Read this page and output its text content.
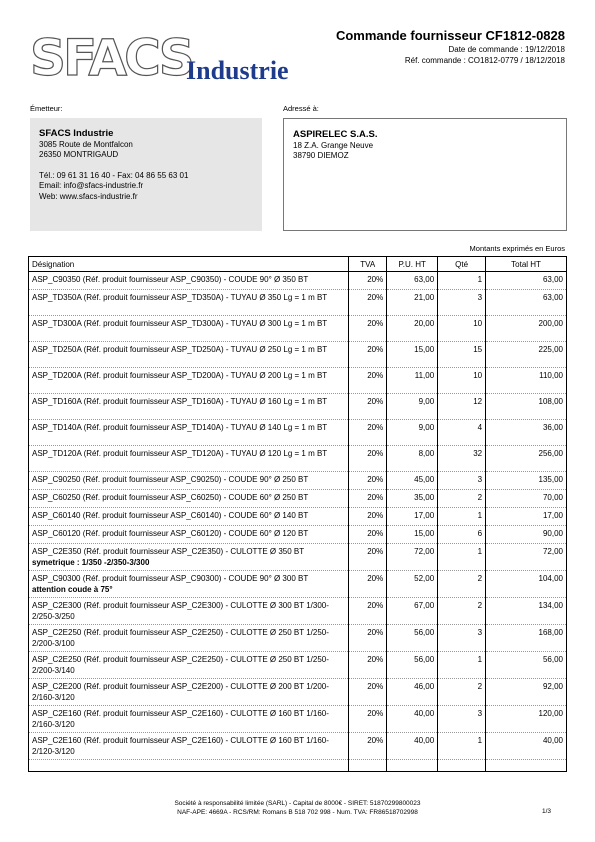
SFACS
Industrie
Commande fournisseur CF1812-0828
Date de commande : 19/12/2018
Réf. commande : CO1812-0779 / 18/12/2018
Émetteur:	Adressé à:
SFACS Industrie
3085 Route de Montfalcon
26350 MONTRIGAUD
Tél.: 09 61 31 16 40 - Fax: 04 86 55 63 01
Email: info@sfacs-industrie.fr
Web: www.sfacs-industrie.fr
ASPIRELEC S.A.S.
18 Z.A. Grange Neuve
38790 DIEMOZ
Montants exprimés en Euros
Désignation	TVA	P.U. HT	Qté	Total HT
ASP_C90350 (Réf. produit fournisseur ASP_C90350) - COUDE 90° Ø 350 BT	20%	63,00	1	63,00
ASP_TD350A (Réf. produit fournisseur ASP_TD350A) - TUYAU Ø 350 Lg = 1 m BT	20%	21,00	3	63,00
ASP_TD300A (Réf. produit fournisseur ASP_TD300A) - TUYAU Ø 300 Lg = 1 m BT	20%	20,00	10	200,00
ASP_TD250A (Réf. produit fournisseur ASP_TD250A) - TUYAU Ø 250 Lg = 1 m BT	20%	15,00	15	225,00
ASP_TD200A (Réf. produit fournisseur ASP_TD200A) - TUYAU Ø 200 Lg = 1 m BT	20%	11,00	10	110,00
ASP_TD160A (Réf. produit fournisseur ASP_TD160A) - TUYAU Ø 160 Lg = 1 m BT	20%	9,00	12	108,00
ASP_TD140A (Réf. produit fournisseur ASP_TD140A) - TUYAU Ø 140 Lg = 1 m BT	20%	9,00	4	36,00
ASP_TD120A (Réf. produit fournisseur ASP_TD120A) - TUYAU Ø 120 Lg = 1 m BT	20%	8,00	32	256,00
ASP_C90250 (Réf. produit fournisseur ASP_C90250) - COUDE 90° Ø 250 BT	20%	45,00	3	135,00
ASP_C60250 (Réf. produit fournisseur ASP_C60250) - COUDE 60° Ø 250 BT	20%	35,00	2	70,00
ASP_C60140 (Réf. produit fournisseur ASP_C60140) - COUDE 60° Ø 140 BT	20%	17,00	1	17,00
ASP_C60120 (Réf. produit fournisseur ASP_C60120) - COUDE 60° Ø 120 BT	20%	15,00	6	90,00
ASP_C2E350 (Réf. produit fournisseur ASP_C2E350) - CULOTTE Ø 350 BT
symetrique : 1/350 -2/350-3/300	20%	72,00	1	72,00
ASP_C90300 (Réf. produit fournisseur ASP_C90300) - COUDE 90° Ø 300 BT
attention coude à 75°	20%	52,00	2	104,00
ASP_C2E300 (Réf. produit fournisseur ASP_C2E300) - CULOTTE Ø 300 BT 1/300-2/250-3/250	20%	67,00	2	134,00
ASP_C2E250 (Réf. produit fournisseur ASP_C2E250) - CULOTTE Ø 250 BT 1/250-2/200-3/100	20%	56,00	3	168,00
ASP_C2E250 (Réf. produit fournisseur ASP_C2E250) - CULOTTE Ø 250 BT 1/250-2/200-3/140	20%	56,00	1	56,00
ASP_C2E200 (Réf. produit fournisseur ASP_C2E200) - CULOTTE Ø 200 BT 1/200-2/160-3/120	20%	46,00	2	92,00
ASP_C2E160 (Réf. produit fournisseur ASP_C2E160) - CULOTTE Ø 160 BT 1/160-2/160-3/120	20%	40,00	3	120,00
ASP_C2E160 (Réf. produit fournisseur ASP_C2E160) - CULOTTE Ø 160 BT 1/160-2/120-3/120	20%	40,00	1	40,00

Société à responsabilité limitée (SARL) - Capital de 8000€ - SIRET: 51870299800023
NAF-APE: 4669A - RCS/RM: Romans B 518 702 998 - Num. TVA: FR86518702998	1/3
